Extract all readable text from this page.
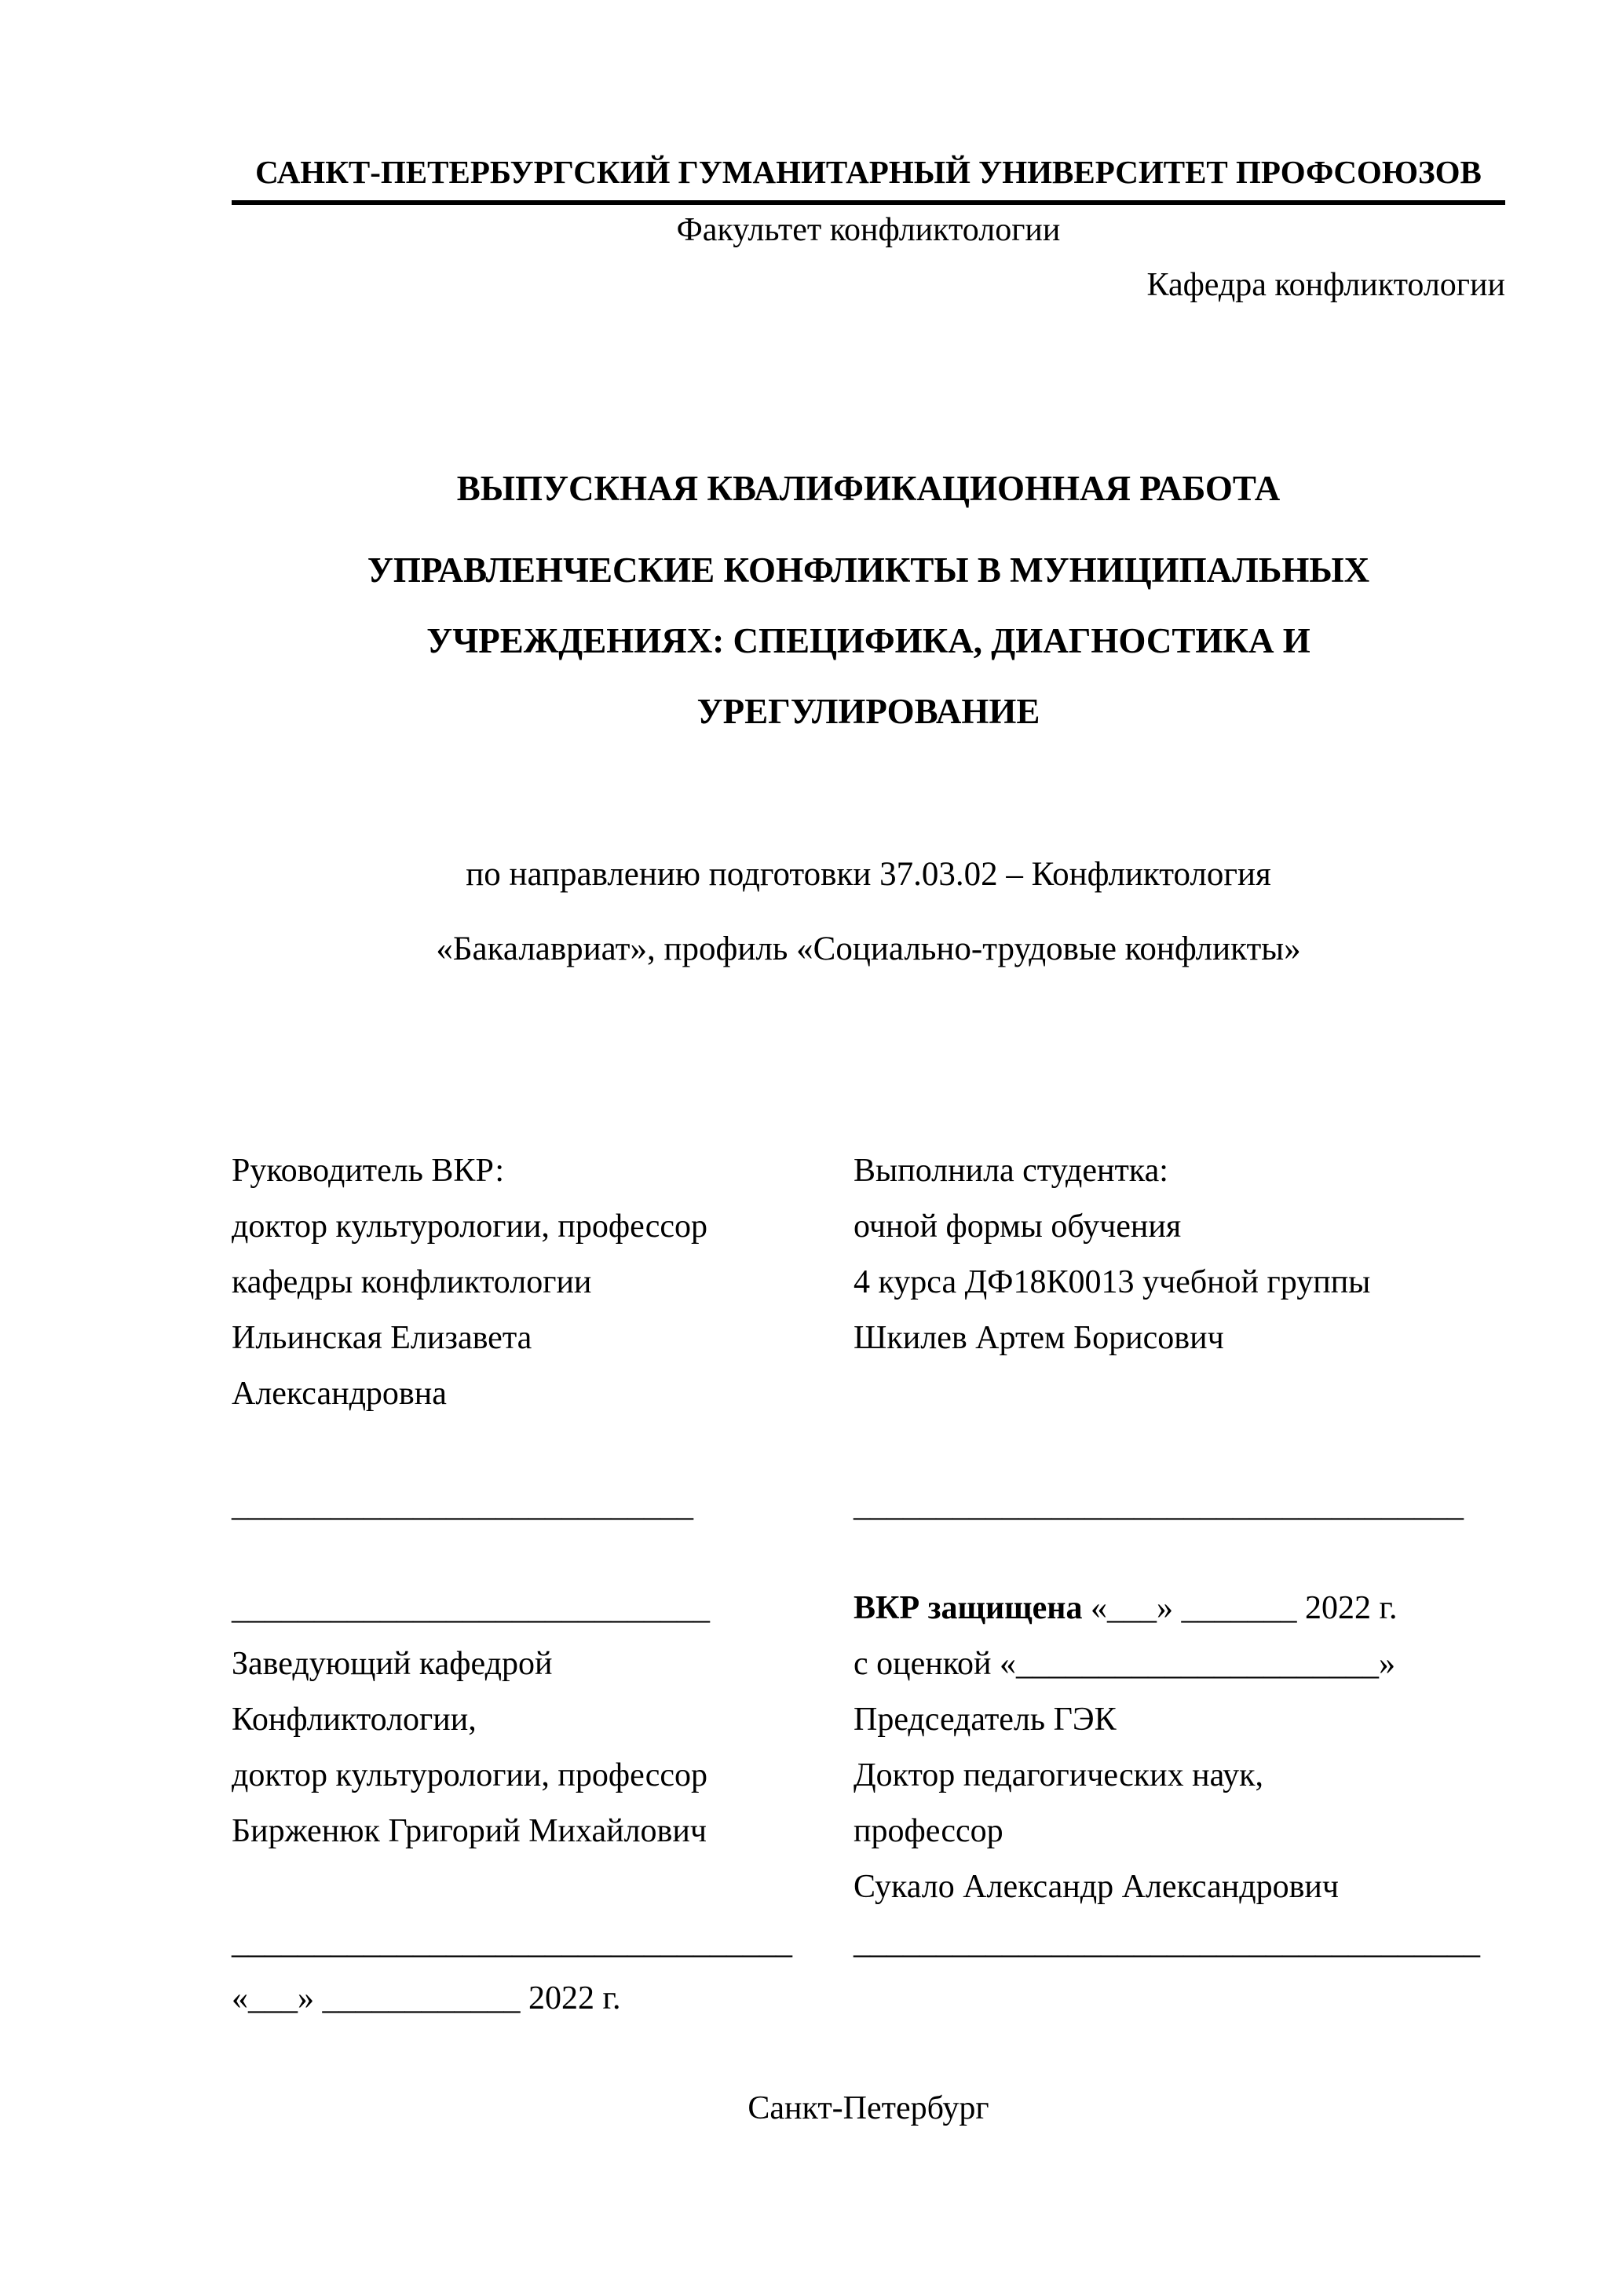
САНКТ-ПЕТЕРБУРГСКИЙ ГУМАНИТАРНЫЙ УНИВЕРСИТЕТ ПРОФСОЮЗОВ
Факультет конфликтологии
Кафедра конфликтологии
ВЫПУСКНАЯ КВАЛИФИКАЦИОННАЯ РАБОТА
УПРАВЛЕНЧЕСКИЕ КОНФЛИКТЫ В МУНИЦИПАЛЬНЫХ
УЧРЕЖДЕНИЯХ: СПЕЦИФИКА, ДИАГНОСТИКА И
УРЕГУЛИРОВАНИЕ
по направлению подготовки 37.03.02 – Конфликтология
«Бакалавриат», профиль «Социально-трудовые конфликты»
Руководитель ВКР:
доктор культурологии, профессор
кафедры конфликтологии
Ильинская Елизавета
Александровна
____________________________
Выполнила студентка:
очной формы обучения
4 курса ДФ18К0013 учебной группы
Шкилев Артем Борисович
_____________________________________
_____________________________
Заведующий кафедрой
Конфликтологии,
доктор культурологии, профессор
Бирженюк Григорий Михайлович
__________________________________
«___» ____________ 2022 г.
ВКР защищена «___» _______ 2022 г.
с оценкой «______________________»
Председатель ГЭК
Доктор педагогических наук,
профессор
Сукало Александр Александрович
______________________________________
Санкт-Петербург
